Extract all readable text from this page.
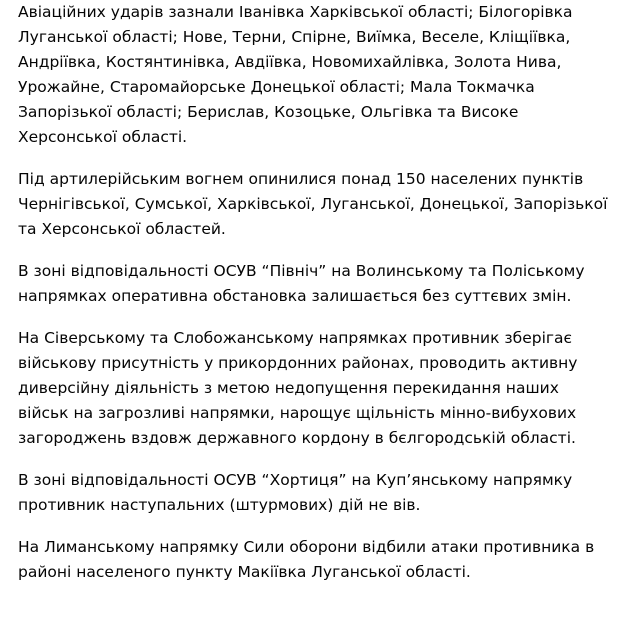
Авіаційних ударів зазнали Іванівка Харківської області; Білогорівка Луганської області; Нове, Терни, Спірне, Виїмка, Веселе, Кліщіївка, Андріївка, Костянтинівка, Авдіївка, Новомихайлівка, Золота Нива, Урожайне, Старомайорське Донецької області; Мала Токмачка Запорізької області; Берислав, Козоцьке, Ольгівка та Високе Херсонської області.

Під артилерійським вогнем опинилися понад 150 населених пунктів Чернігівської, Сумської, Харківської, Луганської, Донецької, Запорізької та Херсонської областей.

В зоні відповідальності ОСУВ “Північ” на Волинському та Поліському напрямках оперативна обстановка залишається без суттєвих змін.

На Сіверському та Слобожанському напрямках противник зберігає військову присутність у прикордонних районах, проводить активну диверсійну діяльність з метою недопущення перекидання наших військ на загрозливі напрямки, нарощує щільність мінно-вибухових загороджень вздовж державного кордону в бєлгородській області.

В зоні відповідальності ОСУВ “Хортиця” на Куп’янському напрямку противник наступальних (штурмових) дій не вів.

На Лиманському напрямку Сили оборони відбили атаки противника в районі населеного пункту Макіївка Луганської області.
